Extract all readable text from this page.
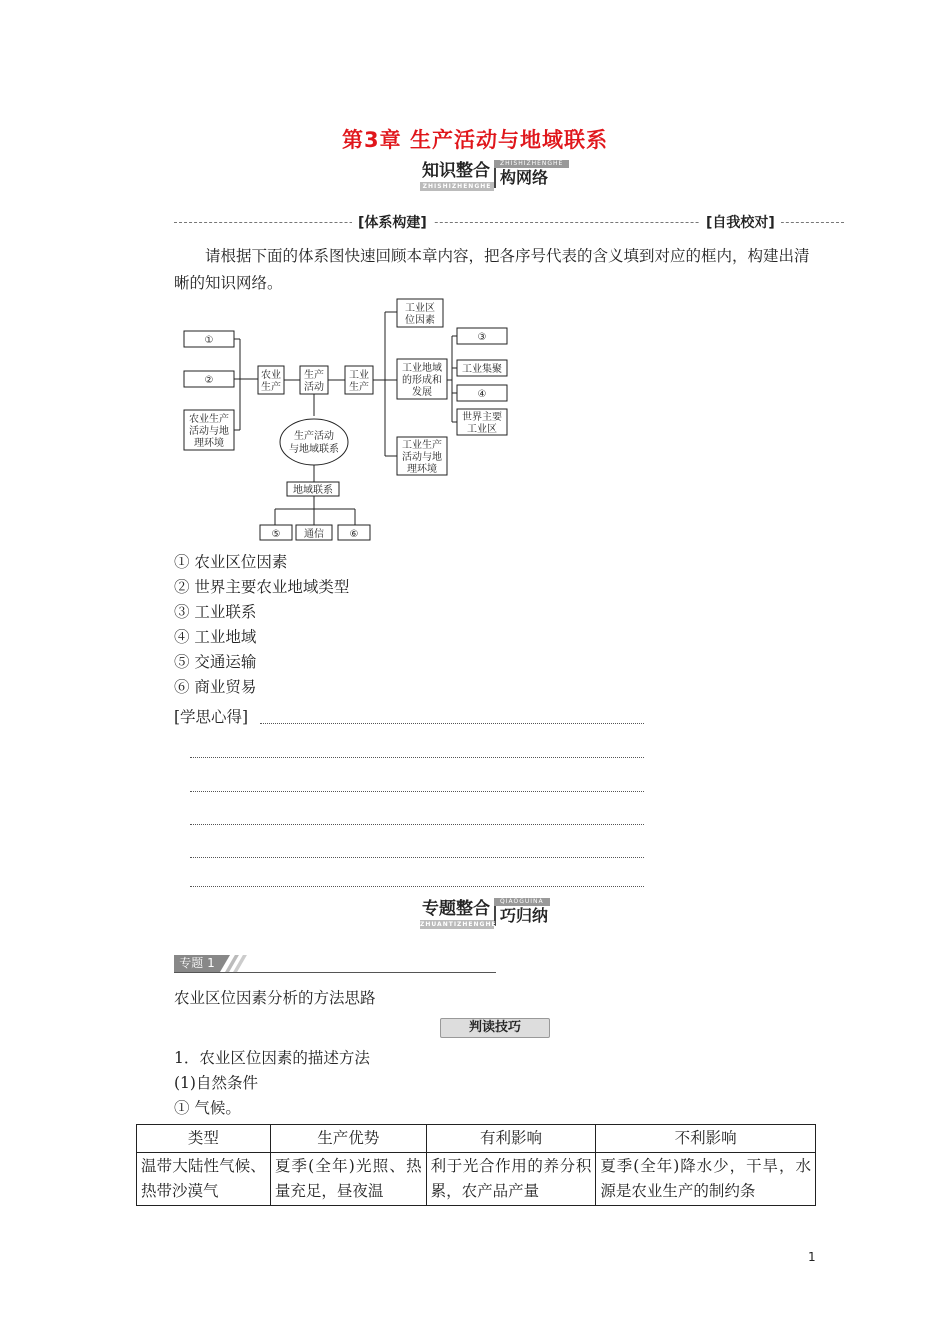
第3章 生产活动与地域联系
知识整合
ZHISHIZHENGHE
ZHISHIZHENGHE
构网络
[体系构建]	[自我校对]
请根据下面的体系图快速回顾本章内容，把各序号代表的含义填到对应的框内，构建出清晰的知识网络。
①
②
农业生产
活动与地
理环境
农业
生产
生产
活动
工业
生产
生产活动
与地域联系
地域联系
⑤ 通信	⑥
工业区
位因素
工业地域
的形成和
发展
工业生产
活动与地
理环境
③
工业集聚
④
世界主要
工业区
① 农业区位因素
② 世界主要农业地域类型
③ 工业联系
④ 工业地域
⑤ 交通运输
⑥ 商业贸易
[学思心得]
专题整合
ZHUANTIZHENGHE
QIAOGUINA
巧归纳
专题 1
农业区位因素分析的方法思路
判读技巧
1．农业区位因素的描述方法
(1)自然条件
① 气候。
类型	生产优势	有利影响	不利影响
温带大陆性气候、热带沙漠气	夏季(全年)光照、热量充足，昼夜温	利于光合作用的养分积累，农产品产量	夏季(全年)降水少，干旱，水源是农业生产的制约条
1
